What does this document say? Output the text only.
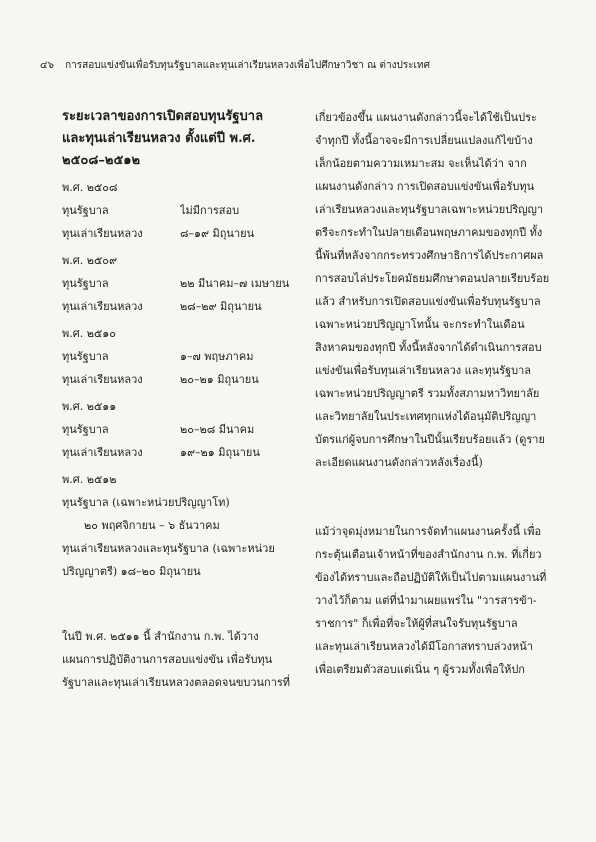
๔๖ การสอบแข่งขันเพื่อรับทุนรัฐบาลและทุนเล่าเรียนหลวงเพื่อไปศึกษาวิชา ณ ต่างประเทศ
ระยะเวลาของการเปิดสอบทุนรัฐบาล
และทุนเล่าเรียนหลวง ตั้งแต่ปี พ.ศ.
๒๕๐๘–๒๕๑๒
พ.ศ. ๒๕๐๘
ทุนรัฐบาล	ไม่มีการสอบ
ทุนเล่าเรียนหลวง	๘–๑๙ มิถุนายน
พ.ศ. ๒๕๐๙
ทุนรัฐบาล	๒๒ มีนาคม–๗ เมษายน
ทุนเล่าเรียนหลวง	๒๘–๒๙ มิถุนายน
พ.ศ. ๒๕๑๐
ทุนรัฐบาล	๑–๗ พฤษภาคม
ทุนเล่าเรียนหลวง	๒๐–๒๑ มิถุนายน
พ.ศ. ๒๕๑๑
ทุนรัฐบาล	๒๐–๒๘ มีนาคม
ทุนเล่าเรียนหลวง	๑๙–๒๑ มิถุนายน
พ.ศ. ๒๕๑๒
ทุนรัฐบาล (เฉพาะหน่วยปริญญาโท)
๒๐ พฤศจิกายน – ๖ ธันวาคม
ทุนเล่าเรียนหลวงและทุนรัฐบาล (เฉพาะหน่วย
ปริญญาตรี) ๑๘–๒๐ มิถุนายน
ในปี พ.ศ. ๒๕๑๑ นี้ สำนักงาน ก.พ. ได้วาง
แผนการปฏิบัติงานการสอบแข่งขัน เพื่อรับทุน
รัฐบาลและทุนเล่าเรียนหลวงตลอดจนขบวนการที่
เกี่ยวข้องขึ้น แผนงานดังกล่าวนี้จะได้ใช้เป็นประ
จำทุกปี ทั้งนี้อาจจะมีการเปลี่ยนแปลงแก้ไขบ้าง
เล็กน้อยตามความเหมาะสม จะเห็นได้ว่า จาก
แผนงานดังกล่าว การเปิดสอบแข่งขันเพื่อรับทุน
เล่าเรียนหลวงและทุนรัฐบาลเฉพาะหน่วยปริญญา
ตรีจะกระทำในปลายเดือนพฤษภาคมของทุกปี ทั้ง
นี้พ้นที่หลังจากกระทรวงศึกษาธิการได้ประกาศผล
การสอบไล่ประโยคมัธยมศึกษาตอนปลายเรียบร้อย
แล้ว สำหรับการเปิดสอบแข่งขันเพื่อรับทุนรัฐบาล
เฉพาะหน่วยปริญญาโทนั้น จะกระทำในเดือน
สิงหาคมของทุกปี ทั้งนี้หลังจากได้ดำเนินการสอบ
แข่งขันเพื่อรับทุนเล่าเรียนหลวง และทุนรัฐบาล
เฉพาะหน่วยปริญญาตรี รวมทั้งสภามหาวิทยาลัย
และวิทยาลัยในประเทศทุกแห่งได้อนุมัติปริญญา
บัตรแก่ผู้จบการศึกษาในปีนั้นเรียบร้อยแล้ว (ดูราย
ละเอียดแผนงานดังกล่าวหลังเรื่องนี้)
แม้ว่าจุดมุ่งหมายในการจัดทำแผนงานครั้งนี้ เพื่อ
กระตุ้นเตือนเจ้าหน้าที่ของสำนักงาน ก.พ. ที่เกี่ยว
ข้องได้ทราบและถือปฏิบัติให้เป็นไปตามแผนงานที่
วางไว้ก็ตาม แต่ที่นำมาเผยแพร่ใน "วารสารข้า-
ราชการ" ก็เพื่อที่จะให้ผู้ที่สนใจรับทุนรัฐบาล
และทุนเล่าเรียนหลวงได้มีโอกาสทราบล่วงหน้า
เพื่อเตรียมตัวสอบแต่เนิ่น ๆ ผู้รวมทั้งเพื่อให้ปก
